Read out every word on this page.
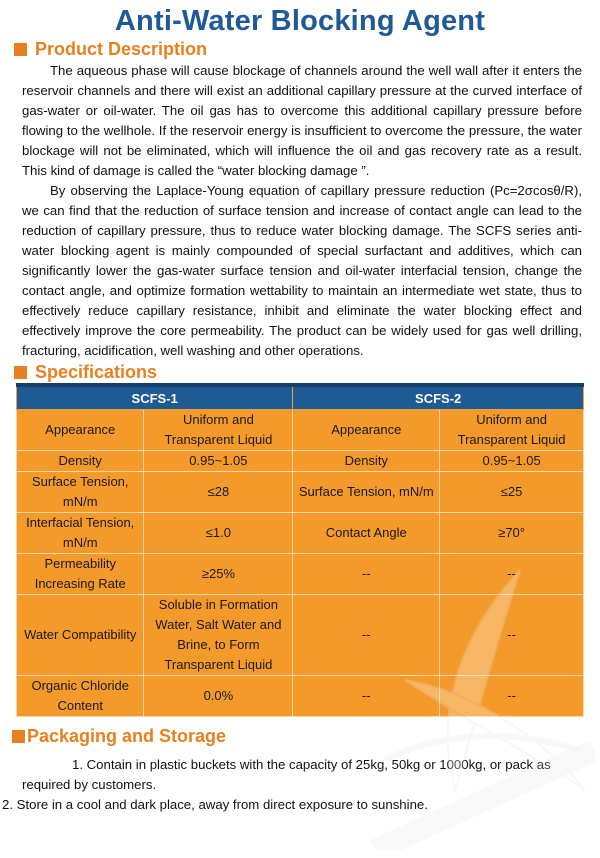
Anti-Water Blocking Agent
Product Description

The aqueous phase will cause blockage of channels around the well wall after it enters the reservoir channels and there will exist an additional capillary pressure at the curved interface of gas-water or oil-water. The oil gas has to overcome this additional capillary pressure before flowing to the wellhole. If the reservoir energy is insufficient to overcome the pressure, the water blockage will not be eliminated, which will influence the oil and gas recovery rate as a result. This kind of damage is called the “water blocking damage ”.

By observing the Laplace-Young equation of capillary pressure reduction (Pc=2σcosθ/R), we can find that the reduction of surface tension and increase of contact angle can lead to the reduction of capillary pressure, thus to reduce water blocking damage. The SCFS series anti-water blocking agent is mainly compounded of special surfactant and additives, which can significantly lower the gas-water surface tension and oil-water interfacial tension, change the contact angle, and optimize formation wettability to maintain an intermediate wet state, thus to effectively reduce capillary resistance, inhibit and eliminate the water blocking effect and effectively improve the core permeability. The product can be widely used for gas well drilling, fracturing, acidification, well washing and other operations.

Specifications
SCFS-1		SCFS-2	
Appearance	Uniform and Transparent Liquid	Appearance	Uniform and Transparent Liquid
Density	0.95~1.05	Density	0.95~1.05
Surface Tension, mN/m	≤28	Surface Tension, mN/m	≤25
Interfacial Tension, mN/m	≤1.0	Contact Angle	≥70°
Permeability Increasing Rate	≥25%	--	--
Water Compatibility	Soluble in Formation Water, Salt Water and Brine, to Form Transparent Liquid	--	--
Organic Chloride Content	0.0%	--	--
Packaging and Storage

1. Contain in plastic buckets with the capacity of 25kg, 50kg or 1000kg, or pack as required by customers.

2. Store in a cool and dark place, away from direct exposure to sunshine.
